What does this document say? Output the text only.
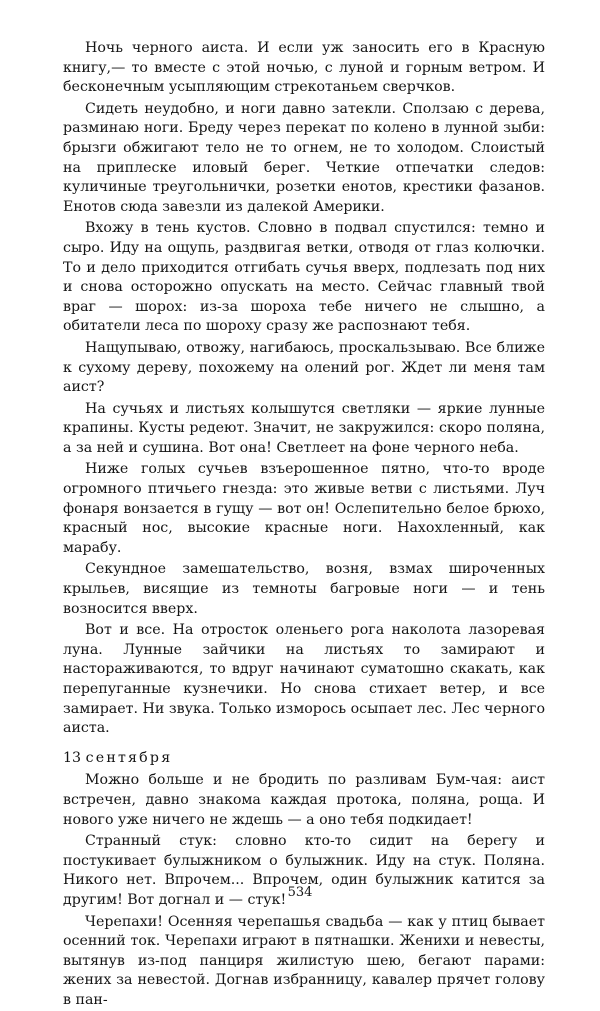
Ночь черного аиста. И если уж заносить его в Красную книгу,— то вместе с этой ночью, с луной и горным ветром. И бесконечным усыпляющим стрекотаньем сверчков.

Сидеть неудобно, и ноги давно затекли. Сползаю с дерева, разминаю ноги. Бреду через перекат по колено в лунной зыби: брызги обжигают тело не то огнем, не то холодом. Слоистый на приплеске иловый берег. Четкие отпечатки следов: куличиные треугольнички, розетки енотов, крестики фазанов. Енотов сюда завезли из далекой Америки.

Вхожу в тень кустов. Словно в подвал спустился: темно и сыро. Иду на ощупь, раздвигая ветки, отводя от глаз колючки. То и дело приходится отгибать сучья вверх, подлезать под них и снова осторожно опускать на место. Сейчас главный твой враг — шорох: из-за шороха тебе ничего не слышно, а обитатели леса по шороху сразу же распознают тебя.

Нащупываю, отвожу, нагибаюсь, проскальзываю. Все ближе к сухому дереву, похожему на олений рог. Ждет ли меня там аист?

На сучьях и листьях колышутся светляки — яркие лунные крапины. Кусты редеют. Значит, не закружился: скоро поляна, а за ней и сушина. Вот она! Светлеет на фоне черного неба.

Ниже голых сучьев взъерошенное пятно, что-то вроде огромного птичьего гнезда: это живые ветви с листьями. Луч фонаря вонзается в гущу — вот он! Ослепительно белое брюхо, красный нос, высокие красные ноги. Нахохленный, как марабу.

Секундное замешательство, возня, взмах широченных крыльев, висящие из темноты багровые ноги — и тень возносится вверх.

Вот и все. На отросток оленьего рога наколота лазоревая луна. Лунные зайчики на листьях то замирают и настораживаются, то вдруг начинают суматошно скакать, как перепуганные кузнечики. Но снова стихает ветер, и все замирает. Ни звука. Только изморось осыпает лес. Лес черного аиста.

13 сентября

Можно больше и не бродить по разливам Бум-чая: аист встречен, давно знакома каждая протока, поляна, роща. И нового уже ничего не ждешь — а оно тебя подкидает!

Странный стук: словно кто-то сидит на берегу и постукивает булыжником о булыжник. Иду на стук. Поляна. Никого нет. Впрочем... Впрочем, один булыжник катится за другим! Вот догнал и — стук!

Черепахи! Осенняя черепашья свадьба — как у птиц бывает осенний ток. Черепахи играют в пятнашки. Женихи и невесты, вытянув из-под панциря жилистую шею, бегают парами: жених за невестой. Догнав избранницу, кавалер прячет голову в пан-

534
